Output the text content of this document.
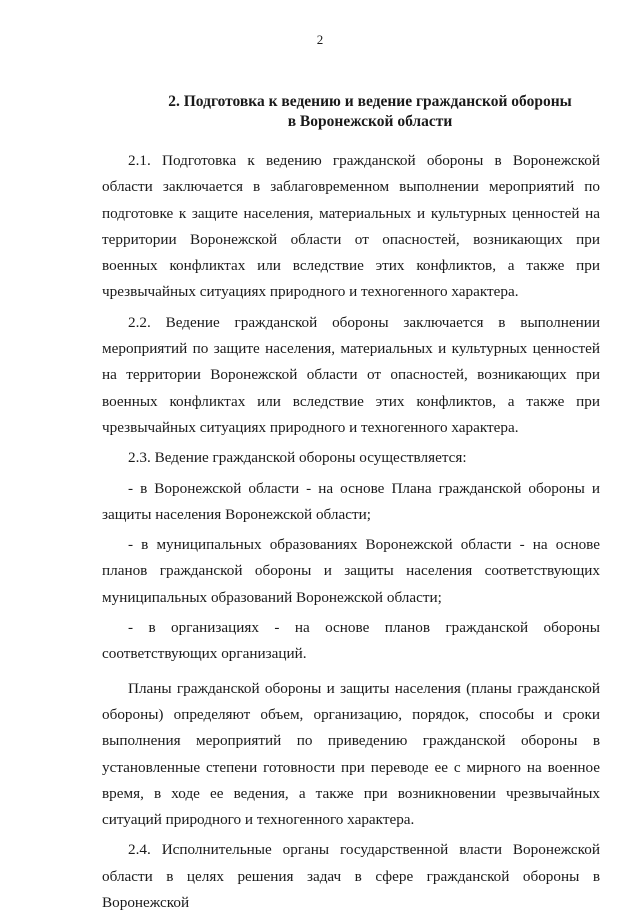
2
2. Подготовка к ведению и ведение гражданской обороны
в Воронежской области

2.1. Подготовка к ведению гражданской обороны в Воронежской области заключается в заблаговременном выполнении мероприятий по подготовке к защите населения, материальных и культурных ценностей на территории Воронежской области от опасностей, возникающих при военных конфликтах или вследствие этих конфликтов, а также при чрезвычайных ситуациях природного и техногенного характера.

2.2. Ведение гражданской обороны заключается в выполнении мероприятий по защите населения, материальных и культурных ценностей на территории Воронежской области от опасностей, возникающих при военных конфликтах или вследствие этих конфликтов, а также при чрезвычайных ситуациях природного и техногенного характера.

2.3. Ведение гражданской обороны осуществляется:

- в Воронежской области - на основе Плана гражданской обороны и защиты населения Воронежской области;

- в муниципальных образованиях Воронежской области - на основе планов гражданской обороны и защиты населения соответствующих муниципальных образований Воронежской области;

- в организациях - на основе планов гражданской обороны соответствующих организаций.

Планы гражданской обороны и защиты населения (планы гражданской обороны) определяют объем, организацию, порядок, способы и сроки выполнения мероприятий по приведению гражданской обороны в установленные степени готовности при переводе ее с мирного на военное время, в ходе ее ведения, а также при возникновении чрезвычайных ситуаций природного и техногенного характера.

2.4. Исполнительные органы государственной власти Воронежской области в целях решения задач в сфере гражданской обороны в Воронежской
